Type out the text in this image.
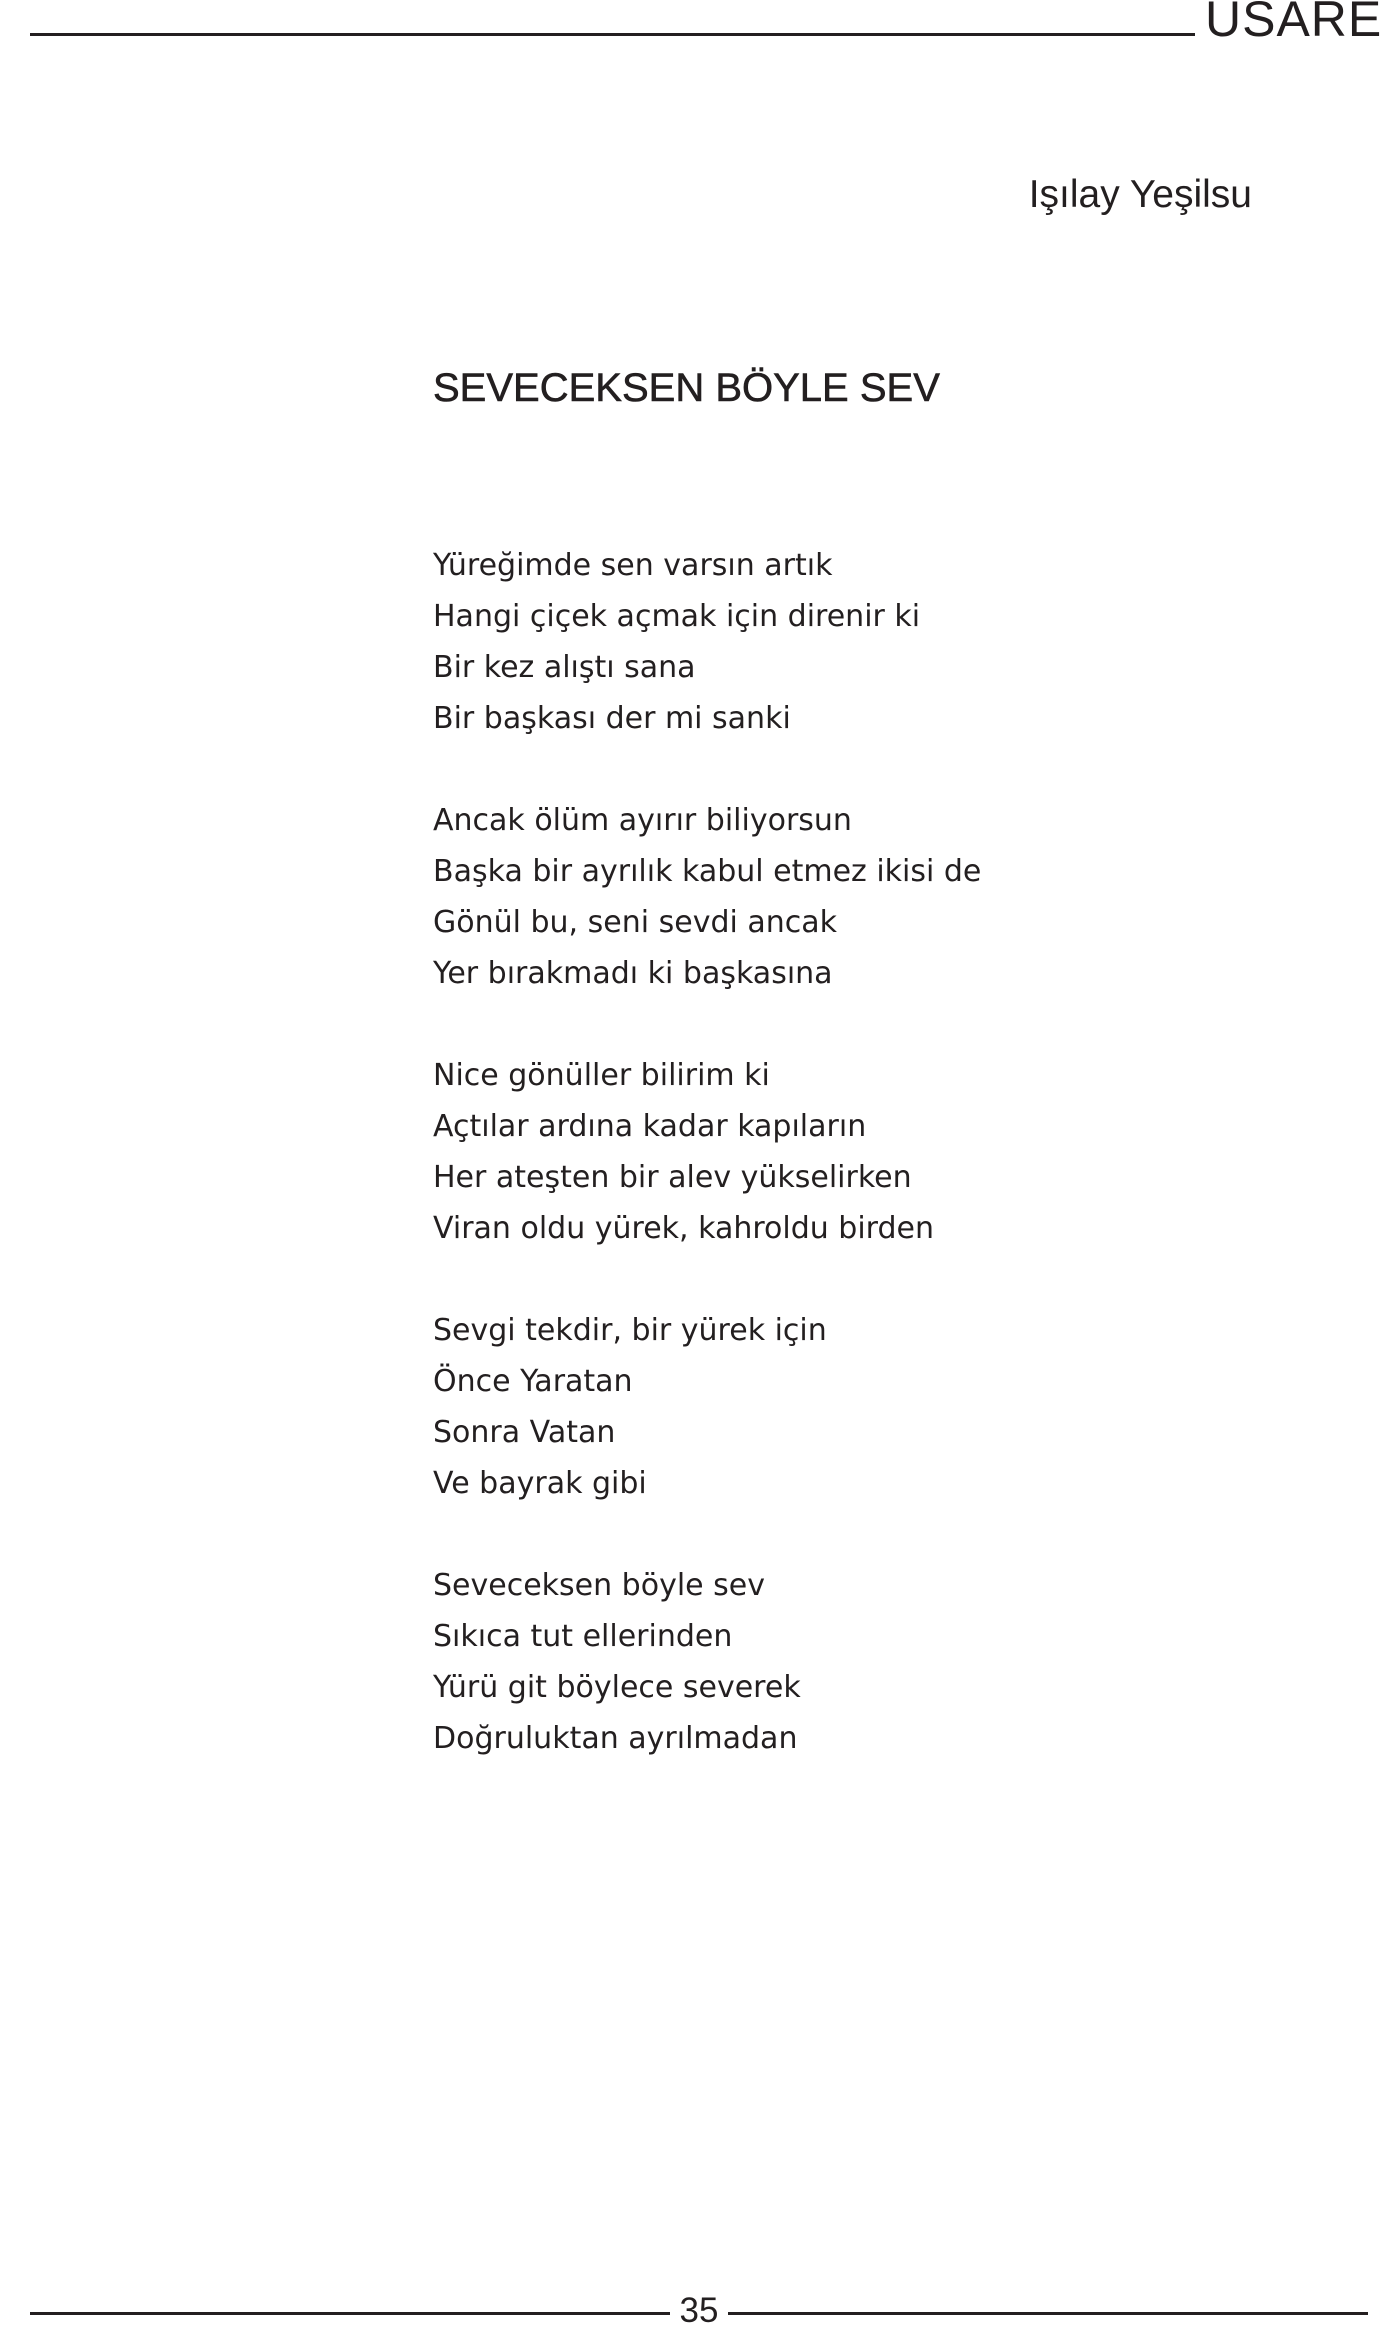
USARE
Işılay Yeşilsu
SEVECEKSEN BÖYLE SEV
Yüreğimde sen varsın artık
Hangi çiçek açmak için direnir ki
Bir kez alıştı sana
Bir başkası der mi sanki
Ancak ölüm ayırır biliyorsun
Başka bir ayrılık kabul etmez ikisi de
Gönül bu, seni sevdi ancak
Yer bırakmadı ki başkasına
Nice gönüller bilirim ki
Açtılar ardına kadar kapıların
Her ateşten bir alev yükselirken
Viran oldu yürek, kahroldu birden
Sevgi tekdir, bir yürek için
Önce Yaratan
Sonra Vatan
Ve bayrak gibi
Seveceksen böyle sev
Sıkıca tut ellerinden
Yürü git böylece severek
Doğruluktan ayrılmadan
35
